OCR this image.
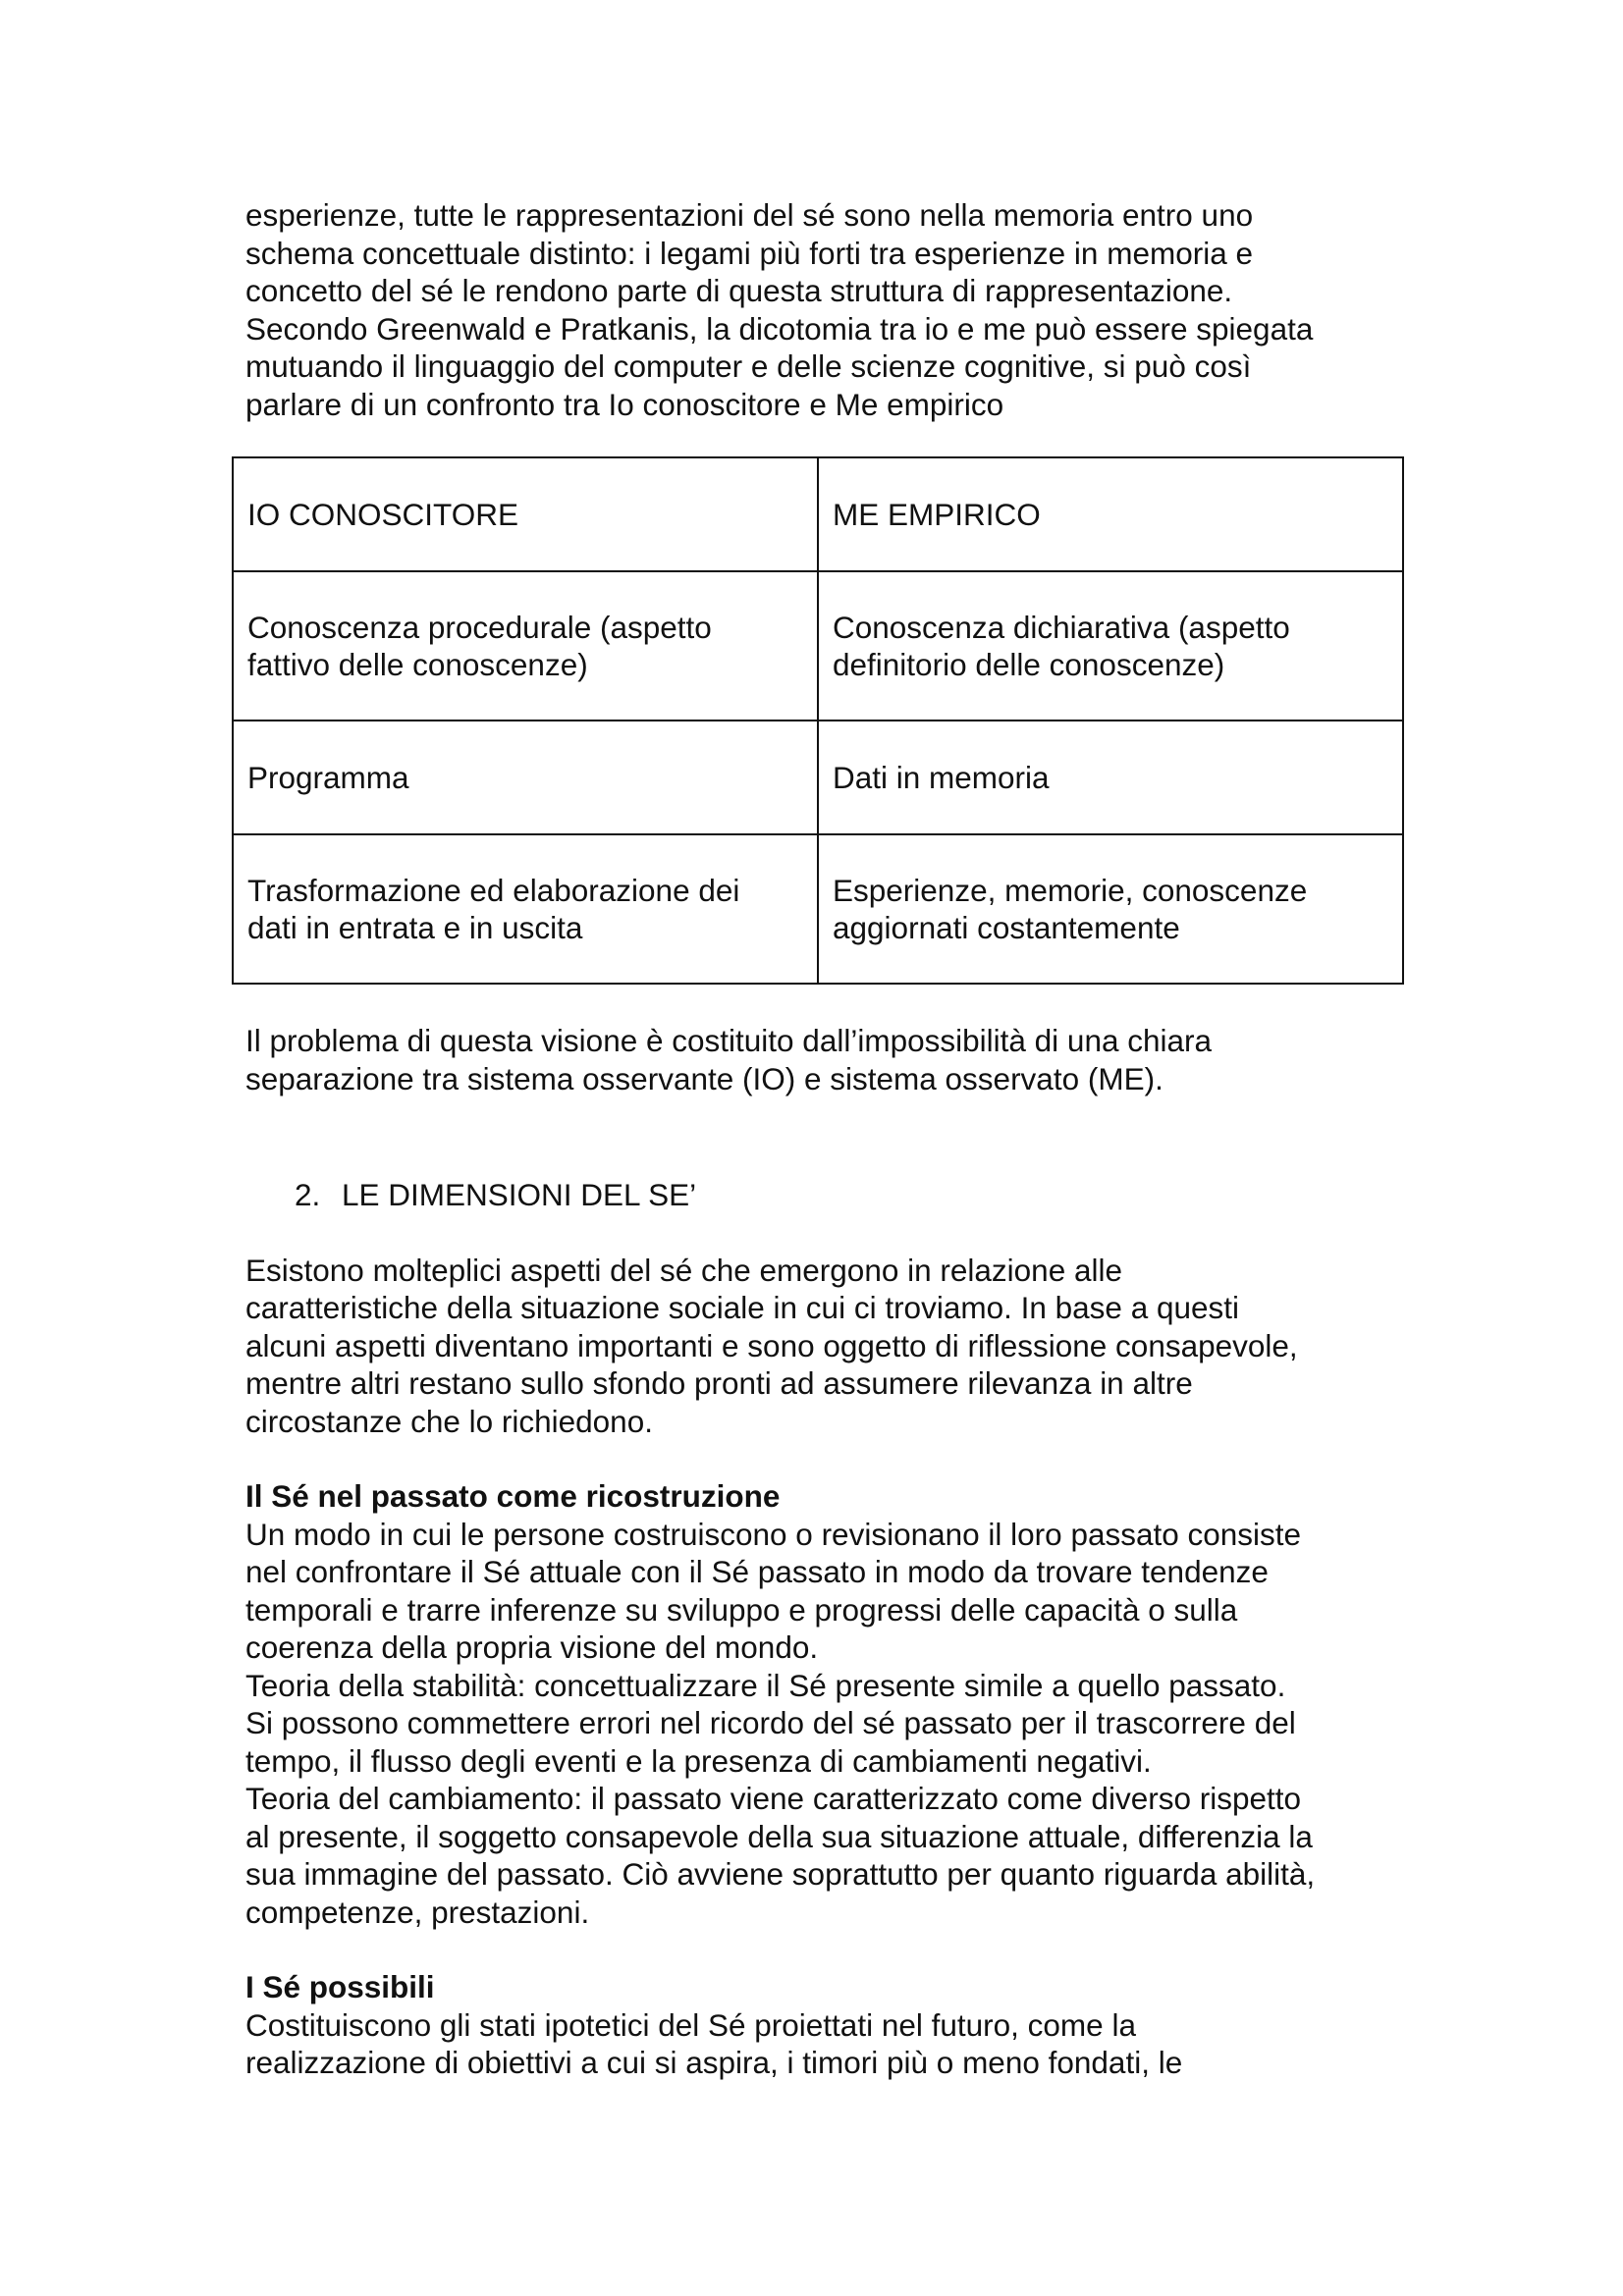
esperienze, tutte le rappresentazioni del sé sono nella memoria entro uno
schema concettuale distinto: i legami più forti tra esperienze in memoria e
concetto del sé le rendono parte di questa struttura di rappresentazione.
Secondo Greenwald e Pratkanis, la dicotomia tra io e me può essere spiegata
mutuando il linguaggio del computer e delle scienze cognitive, si può così
parlare di un confronto tra Io conoscitore e Me empirico

IO CONOSCITORE	ME EMPIRICO

Conoscenza procedurale (aspetto
fattivo delle conoscenze)	Conoscenza dichiarativa (aspetto
definitorio delle conoscenze)

Programma	Dati in memoria

Trasformazione ed elaborazione dei
dati in entrata e in uscita	Esperienze, memorie, conoscenze
aggiornati costantemente

Il problema di questa visione è costituito dall’impossibilità di una chiara
separazione tra sistema osservante (IO) e sistema osservato (ME).

2. LE DIMENSIONI DEL SE’

Esistono molteplici aspetti del sé che emergono in relazione alle
caratteristiche della situazione sociale in cui ci troviamo. In base a questi
alcuni aspetti diventano importanti e sono oggetto di riflessione consapevole,
mentre altri restano sullo sfondo pronti ad assumere rilevanza in altre
circostanze che lo richiedono.

Il Sé nel passato come ricostruzione

Un modo in cui le persone costruiscono o revisionano il loro passato consiste
nel confrontare il Sé attuale con il Sé passato in modo da trovare tendenze
temporali e trarre inferenze su sviluppo e progressi delle capacità o sulla
coerenza della propria visione del mondo.
Teoria della stabilità: concettualizzare il Sé presente simile a quello passato.
Si possono commettere errori nel ricordo del sé passato per il trascorrere del
tempo, il flusso degli eventi e la presenza di cambiamenti negativi.
Teoria del cambiamento: il passato viene caratterizzato come diverso rispetto
al presente, il soggetto consapevole della sua situazione attuale, differenzia la
sua immagine del passato. Ciò avviene soprattutto per quanto riguarda abilità,
competenze, prestazioni.

I Sé possibili

Costituiscono gli stati ipotetici del Sé proiettati nel futuro, come la
realizzazione di obiettivi a cui si aspira, i timori più o meno fondati, le
